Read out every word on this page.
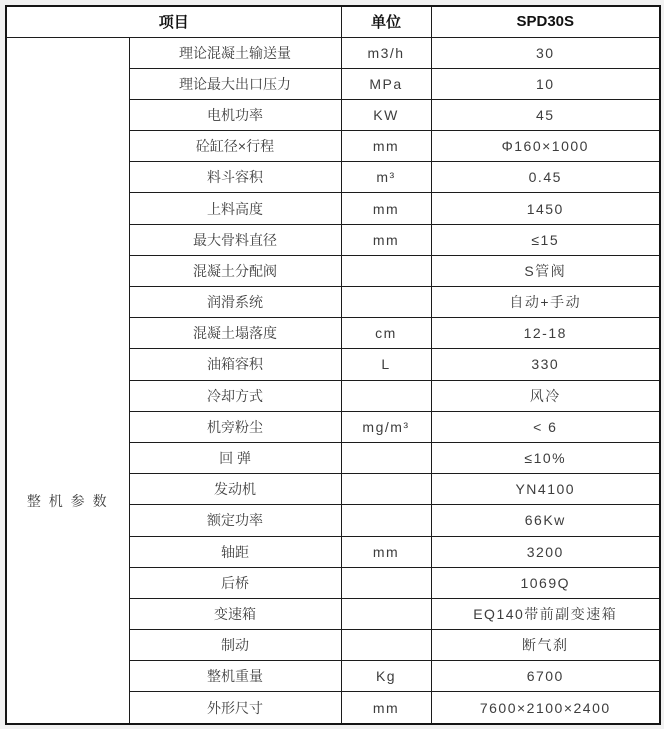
项目		单位	SPD30S
整 机 参 数	理论混凝土输送量	m3/h	30
	理论最大出口压力	MPa	10
	电机功率	KW	45
	砼缸径×行程	mm	Φ160×1000
	料斗容积	m³	0.45
	上料高度	mm	1450
	最大骨料直径	mm	≤15
	混凝土分配阀		S管阀
	润滑系统		自动+手动
	混凝土塌落度	cm	12-18
	油箱容积	L	330
	冷却方式		风冷
	机旁粉尘	mg/m³	< 6
	回 弹		≤10%
	发动机		YN4100
	额定功率		66Kw
	轴距	mm	3200
	后桥		1069Q
	变速箱		EQ140带前副变速箱
	制动		断气刹
	整机重量	Kg	6700
	外形尺寸	mm	7600×2100×2400
